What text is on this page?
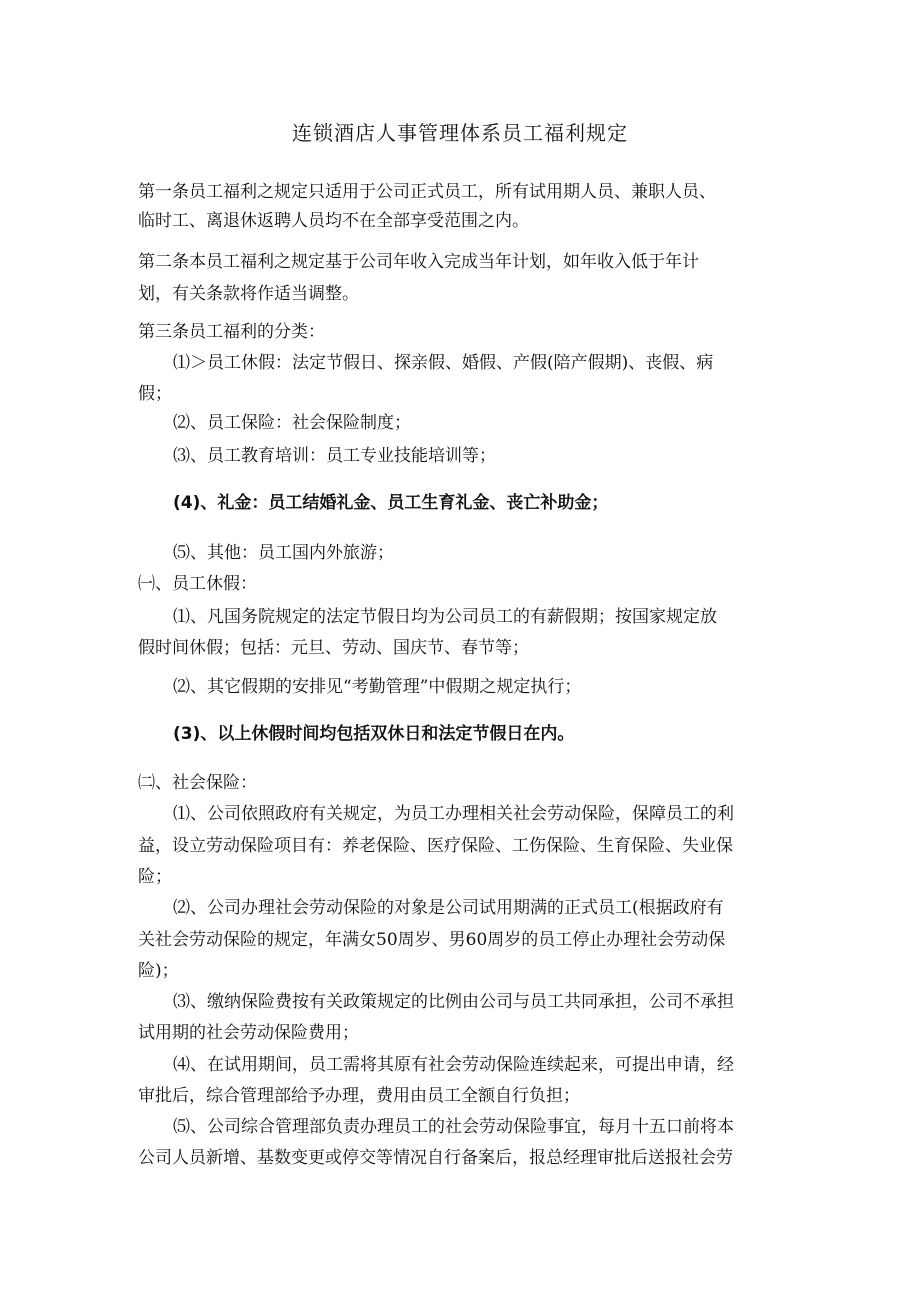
连锁酒店人事管理体系员工福利规定
第一条员工福利之规定只适用于公司正式员工，所有试用期人员、兼职人员、
临时工、离退休返聘人员均不在全部享受范围之内。
第二条本员工福利之规定基于公司年收入完成当年计划，如年收入低于年计
划，有关条款将作适当调整。
第三条员工福利的分类：
⑴＞员工休假：法定节假日、探亲假、婚假、产假(陪产假期)、丧假、病
假；
⑵、员工保险：社会保险制度；
⑶、员工教育培训：员工专业技能培训等；
(4)、礼金：员工结婚礼金、员工生育礼金、丧亡补助金；
⑸、其他：员工国内外旅游；
㈠、员工休假：
⑴、凡国务院规定的法定节假日均为公司员工的有薪假期；按国家规定放
假时间休假；包括：元旦、劳动、国庆节、春节等；
⑵、其它假期的安排见“考勤管理”中假期之规定执行；
(3)、以上休假时间均包括双休日和法定节假日在内。
㈡、社会保险：
⑴、公司依照政府有关规定，为员工办理相关社会劳动保险，保障员工的利
益，设立劳动保险项目有：养老保险、医疗保险、工伤保险、生育保险、失业保
险；
⑵、公司办理社会劳动保险的对象是公司试用期满的正式员工(根据政府有
关社会劳动保险的规定，年满女50周岁、男60周岁的员工停止办理社会劳动保
险)；
⑶、缴纳保险费按有关政策规定的比例由公司与员工共同承担，公司不承担
试用期的社会劳动保险费用；
⑷、在试用期间，员工需将其原有社会劳动保险连续起来，可提出申请，经
审批后，综合管理部给予办理，费用由员工全额自行负担；
⑸、公司综合管理部负责办理员工的社会劳动保险事宜，每月十五口前将本
公司人员新增、基数变更或停交等情况自行备案后，报总经理审批后送报社会劳
